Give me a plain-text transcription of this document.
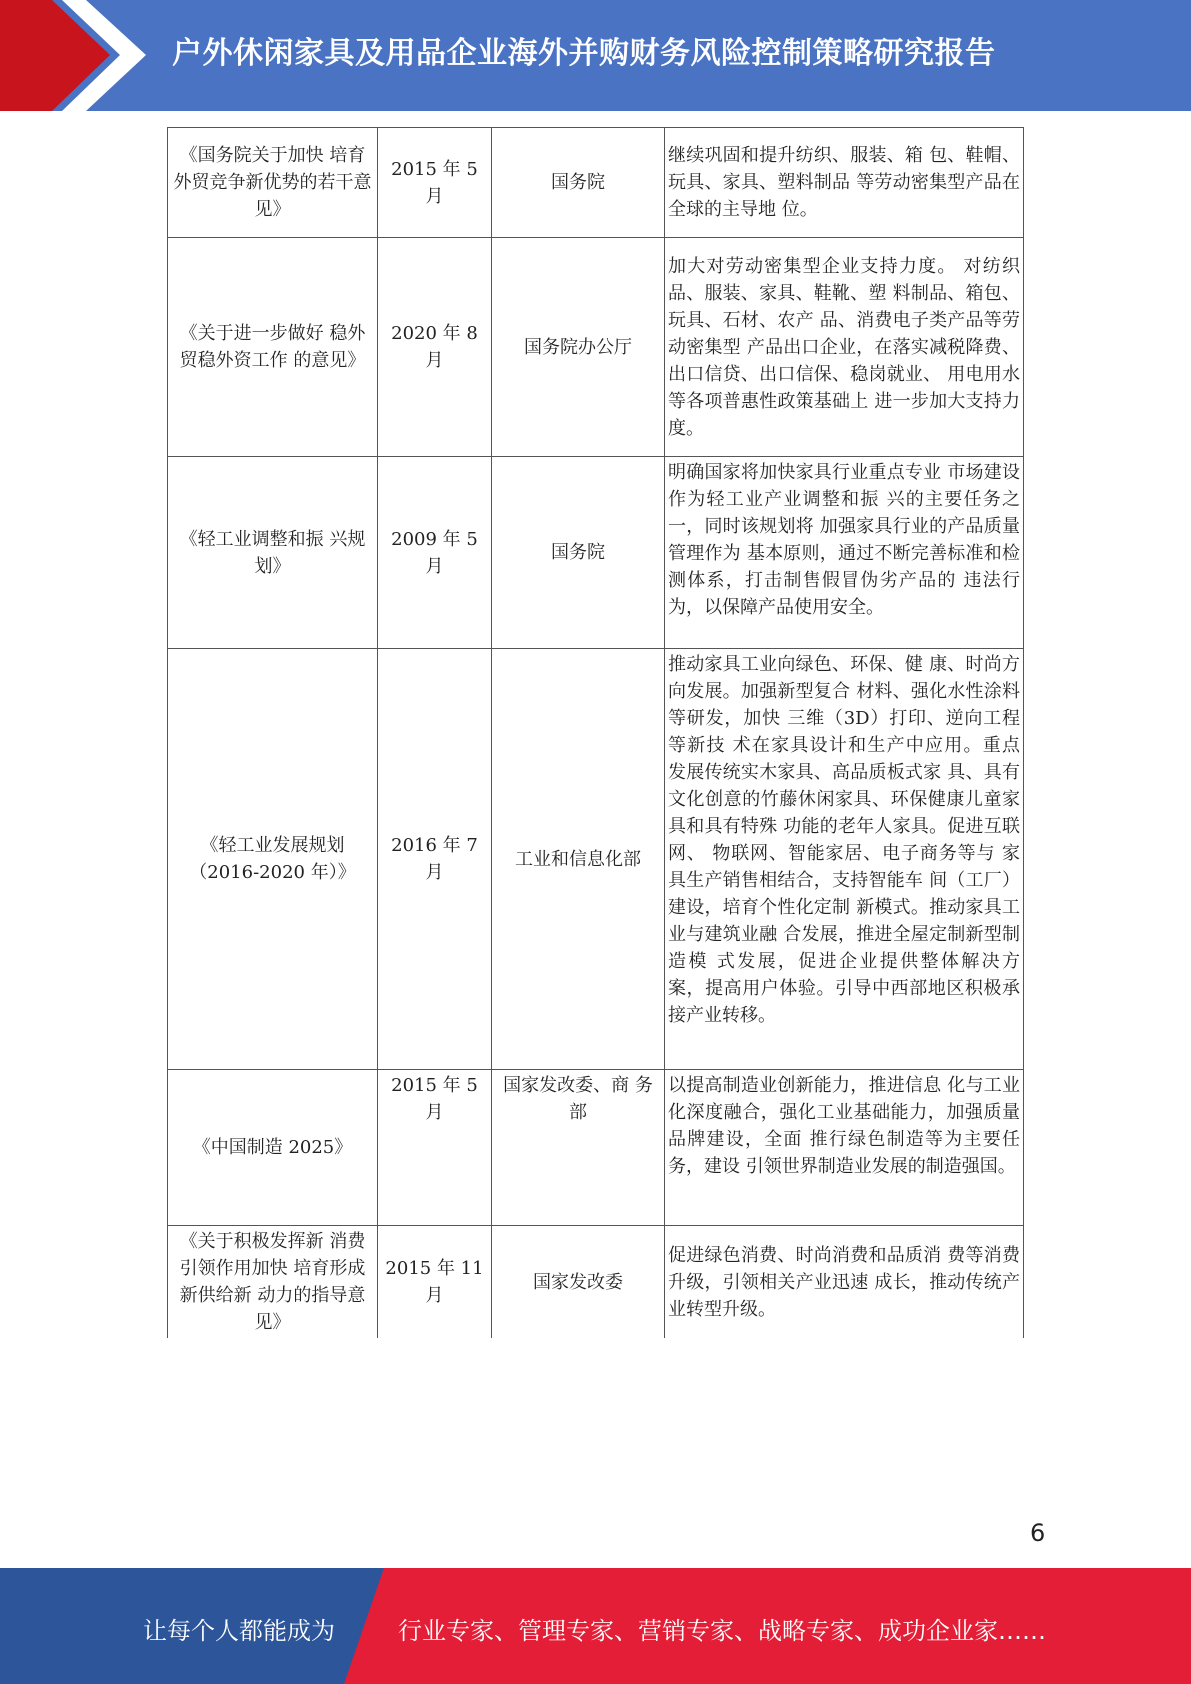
户外休闲家具及用品企业海外并购财务风险控制策略研究报告
《国务院关于加快 培育外贸竞争新优势的若干意见》	2015 年 5 月	国务院	继续巩固和提升纺织、服装、箱 包、鞋帽、玩具、家具、塑料制品 等劳动密集型产品在全球的主导地 位。
《关于进一步做好 稳外贸稳外资工作 的意见》	2020 年 8 月	国务院办公厅	加大对劳动密集型企业支持力度。 对纺织品、服装、家具、鞋靴、塑 料制品、箱包、玩具、石材、农产 品、消费电子类产品等劳动密集型 产品出口企业，在落实减税降费、 出口信贷、出口信保、稳岗就业、 用电用水等各项普惠性政策基础上 进一步加大支持力度。
《轻工业调整和振 兴规划》	2009 年 5 月	国务院	明确国家将加快家具行业重点专业 市场建设作为轻工业产业调整和振 兴的主要任务之一，同时该规划将 加强家具行业的产品质量管理作为 基本原则，通过不断完善标准和检 测体系，打击制售假冒伪劣产品的 违法行为，以保障产品使用安全。
《轻工业发展规划（2016-2020 年）》	2016 年 7 月	工业和信息化部	推动家具工业向绿色、环保、健 康、时尚方向发展。加强新型复合 材料、强化水性涂料等研发，加快 三维（3D）打印、逆向工程等新技 术在家具设计和生产中应用。重点 发展传统实木家具、高品质板式家 具、具有文化创意的竹藤休闲家具、环保健康儿童家具和具有特殊 功能的老年人家具。促进互联网、 物联网、智能家居、电子商务等与 家具生产销售相结合，支持智能车 间（工厂）建设，培育个性化定制 新模式。推动家具工业与建筑业融 合发展，推进全屋定制新型制造模 式发展，促进企业提供整体解决方 案，提高用户体验。引导中西部地区积极承接产业转移。
《中国制造 2025》	2015 年 5 月	国家发改委、商 务部	以提高制造业创新能力，推进信息 化与工业化深度融合，强化工业基础能力，加强质量品牌建设，全面 推行绿色制造等为主要任务，建设 引领世界制造业发展的制造强国。
《关于积极发挥新 消费引领作用加快 培育形成新供给新 动力的指导意见》	2015 年 11 月	国家发改委	促进绿色消费、时尚消费和品质消 费等消费升级，引领相关产业迅速 成长，推动传统产业转型升级。
6
让每个人都能成为	行业专家、管理专家、营销专家、战略专家、成功企业家……
